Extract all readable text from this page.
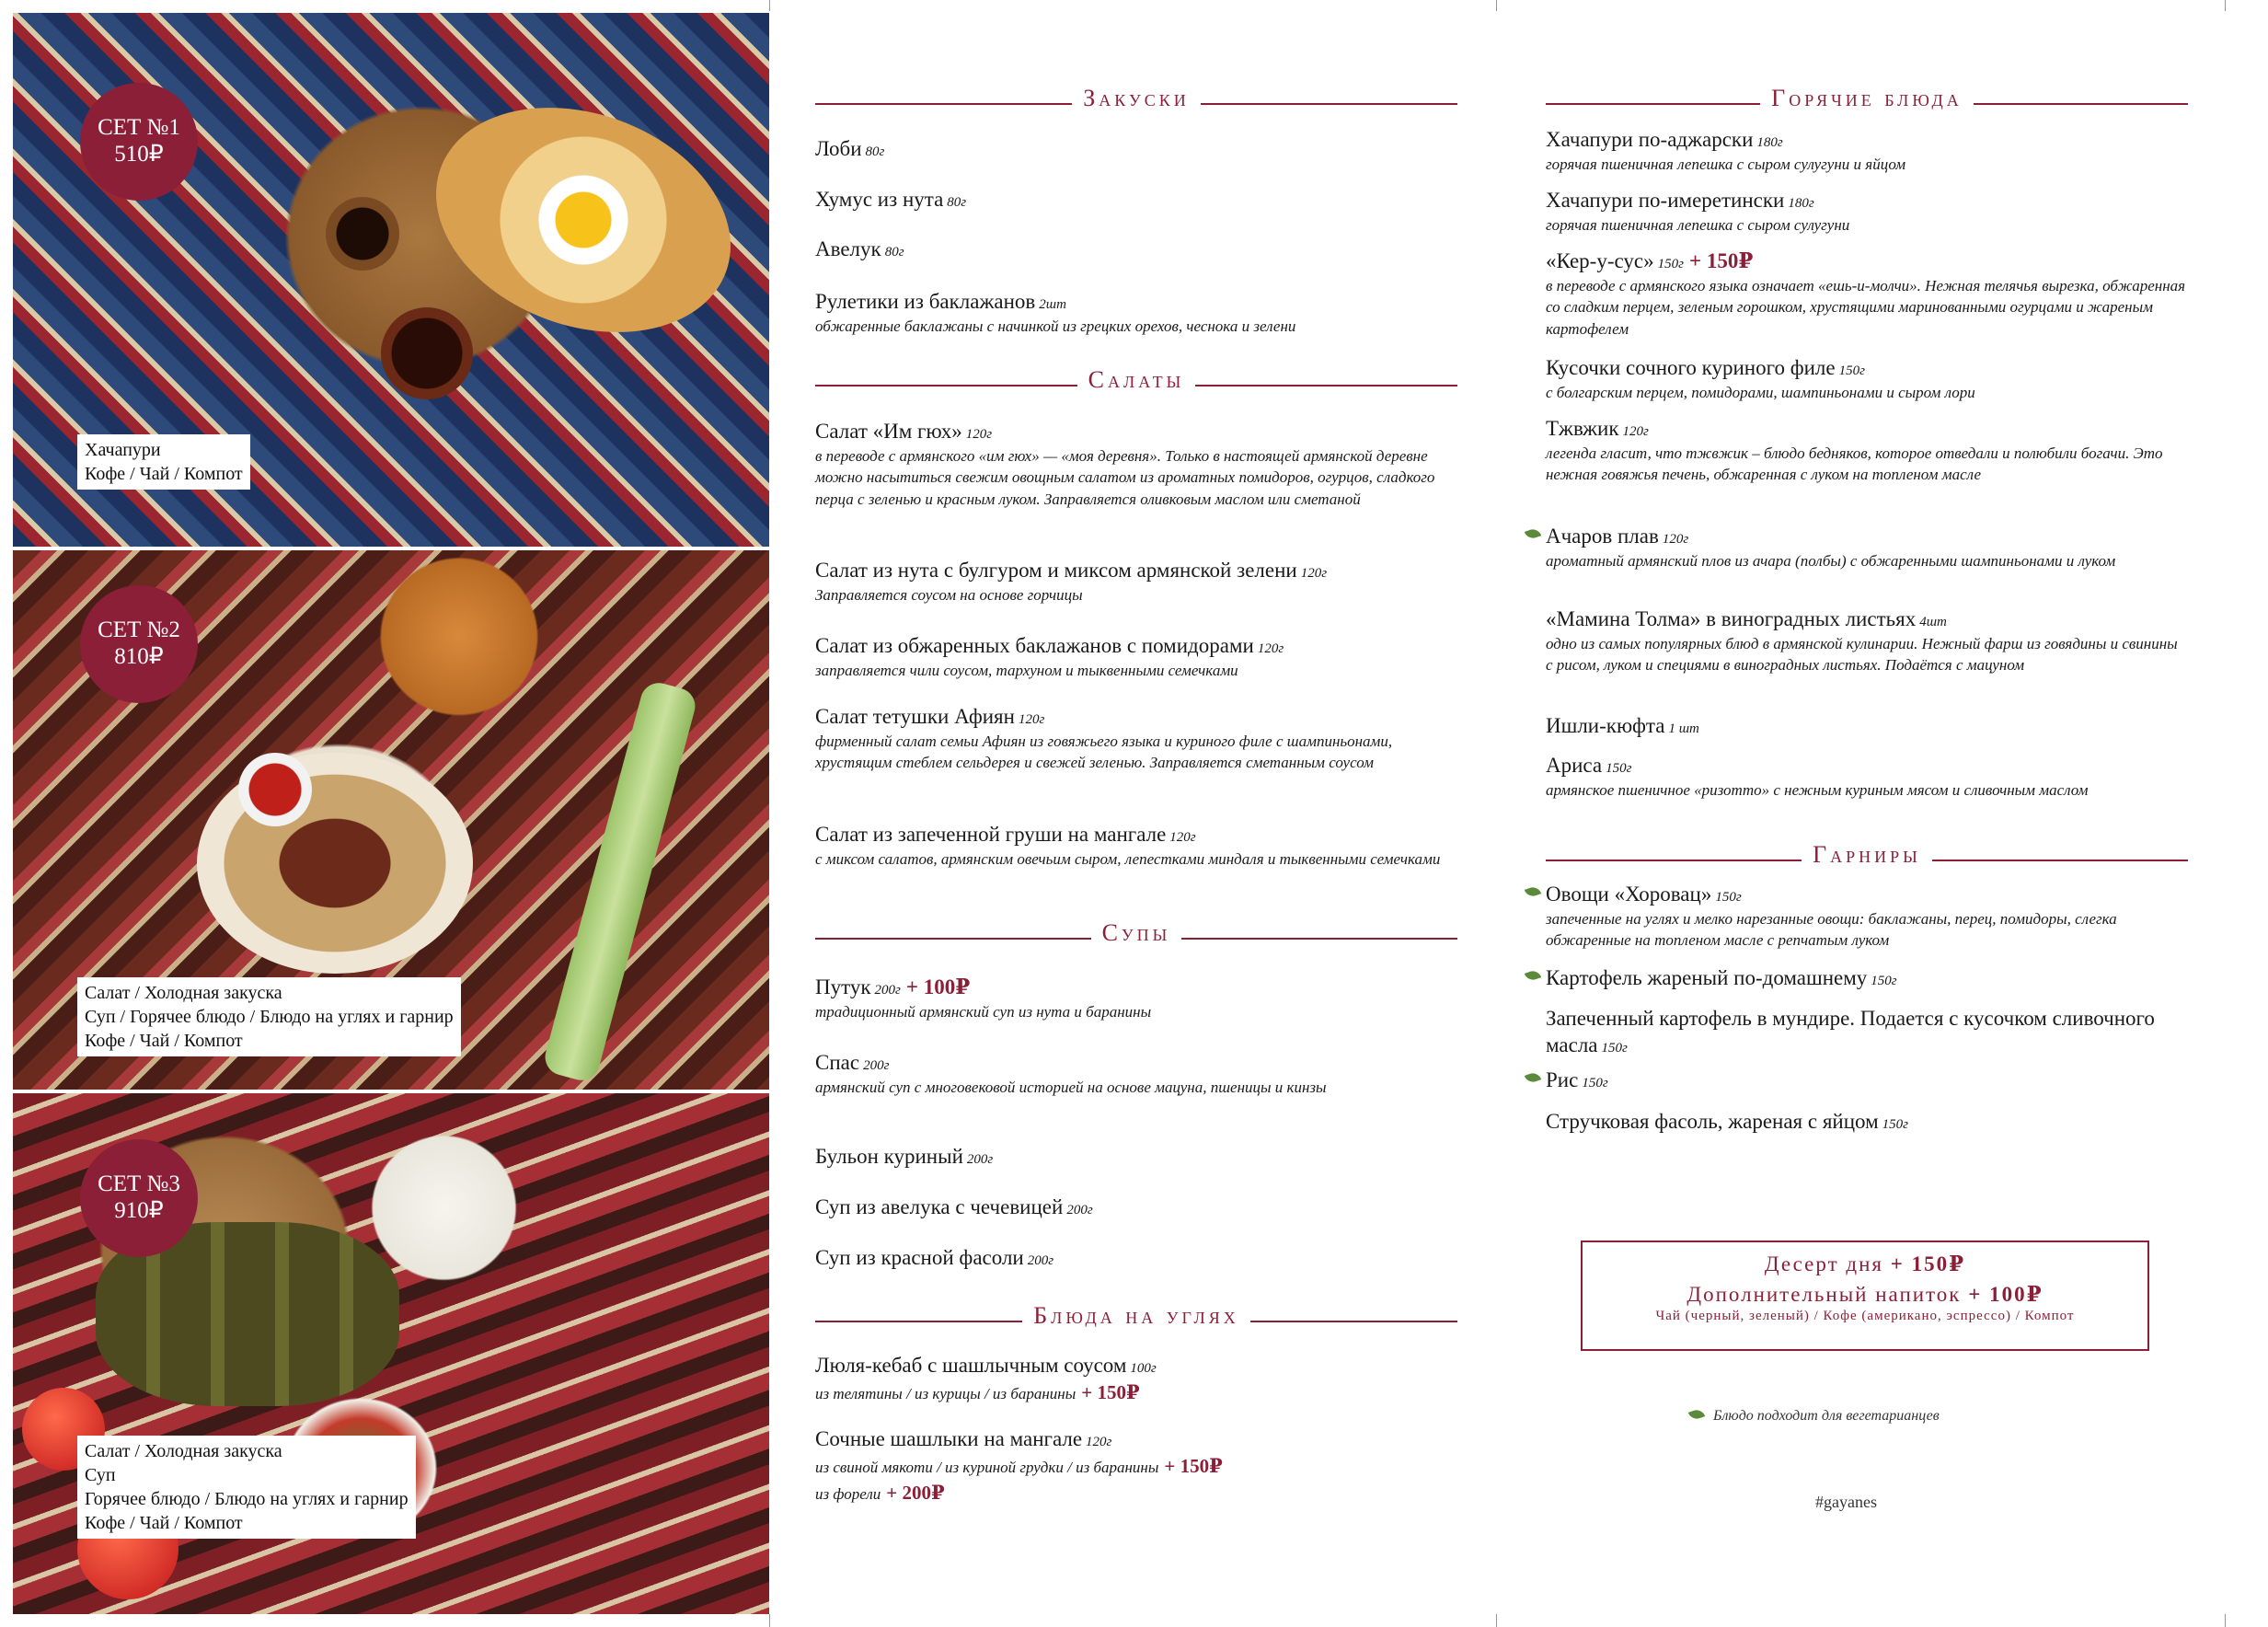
СЕТ №1
510₽
Хачапури
Кофе / Чай / Компот
СЕТ №2
810₽
Салат / Холодная закуска
Суп / Горячее блюдо / Блюдо на углях и гарнир
Кофе / Чай / Компот
СЕТ №3
910₽
Салат / Холодная закуска
Суп
Горячее блюдо / Блюдо на углях и гарнир
Кофе / Чай / Компот
Закуски
Лоби 80г
Хумус из нута 80г
Авелук 80г
Рулетики из баклажанов 2шт
обжаренные баклажаны с начинкой из грецких орехов, чеснока и зелени
Салаты
Салат «Им гюх» 120г
в переводе с армянского «им гюх» — «моя деревня». Только в настоящей армянской деревне можно насытиться свежим овощным салатом из ароматных помидоров, огурцов, сладкого перца с зеленью и красным луком. Заправляется оливковым маслом или сметаной
Салат из нута с булгуром и миксом армянской зелени 120г
Заправляется соусом на основе горчицы
Салат из обжаренных баклажанов с помидорами 120г
заправляется чили соусом, тархуном и тыквенными семечками
Салат тетушки Афиян 120г
фирменный салат семьи Афиян из говяжьего языка и куриного филе с шампиньонами, хрустящим стеблем сельдерея и свежей зеленью. Заправляется сметанным соусом
Салат из запеченной груши на мангале 120г
с миксом салатов, армянским овечьим сыром, лепестками миндаля и тыквенными семечками
Супы
Путук 200г + 100₽
традиционный армянский суп из нута и баранины
Спас 200г
армянский суп с многовековой историей на основе мацуна, пшеницы и кинзы
Бульон куриный 200г
Суп из авелука с чечевицей 200г
Суп из красной фасоли 200г
Блюда на углях
Люля-кебаб с шашлычным соусом 100г
из телятины / из курицы / из баранины + 150₽
Сочные шашлыки на мангале 120г
из свиной мякоти / из куриной грудки / из баранины + 150₽
из форели + 200₽
Горячие блюда
Хачапури по-аджарски 180г
горячая пшеничная лепешка с сыром сулугуни и яйцом
Хачапури по-имеретински 180г
горячая пшеничная лепешка с сыром сулугуни
«Кер-у-сус» 150г + 150₽
в переводе с армянского языка означает «ешь-и-молчи». Нежная телячья вырезка, обжаренная со сладким перцем, зеленым горошком, хрустящими маринованными огурцами и жареным картофелем
Кусочки сочного куриного филе 150г
с болгарским перцем, помидорами, шампиньонами и сыром лори
Тжвжик 120г
легенда гласит, что тжвжик – блюдо бедняков, которое отведали и полюбили богачи. Это нежная говяжья печень, обжаренная с луком на топленом масле
Ачаров плав 120г
ароматный армянский плов из ачара (полбы) с обжаренными шампиньонами и луком
«Мамина Толма» в виноградных листьях 4шт
одно из самых популярных блюд в армянской кулинарии. Нежный фарш из говядины и свинины с рисом, луком и специями в виноградных листьях. Подаётся с мацуном
Ишли-кюфта 1 шт
Ариса 150г
армянское пшеничное «ризотто» с нежным куриным мясом и сливочным маслом
Гарниры
Овощи «Хоровац» 150г
запеченные на углях и мелко нарезанные овощи: баклажаны, перец, помидоры, слегка обжаренные на топленом масле с репчатым луком
Картофель жареный по-домашнему 150г
Запеченный картофель в мундире. Подается с кусочком сливочного масла 150г
Рис 150г
Стручковая фасоль, жареная с яйцом 150г
Десерт дня + 150₽
Дополнительный напиток + 100₽
Чай (черный, зеленый) / Кофе (американо, эспрессо) / Компот
Блюдо подходит для вегетарианцев
#gayanes
